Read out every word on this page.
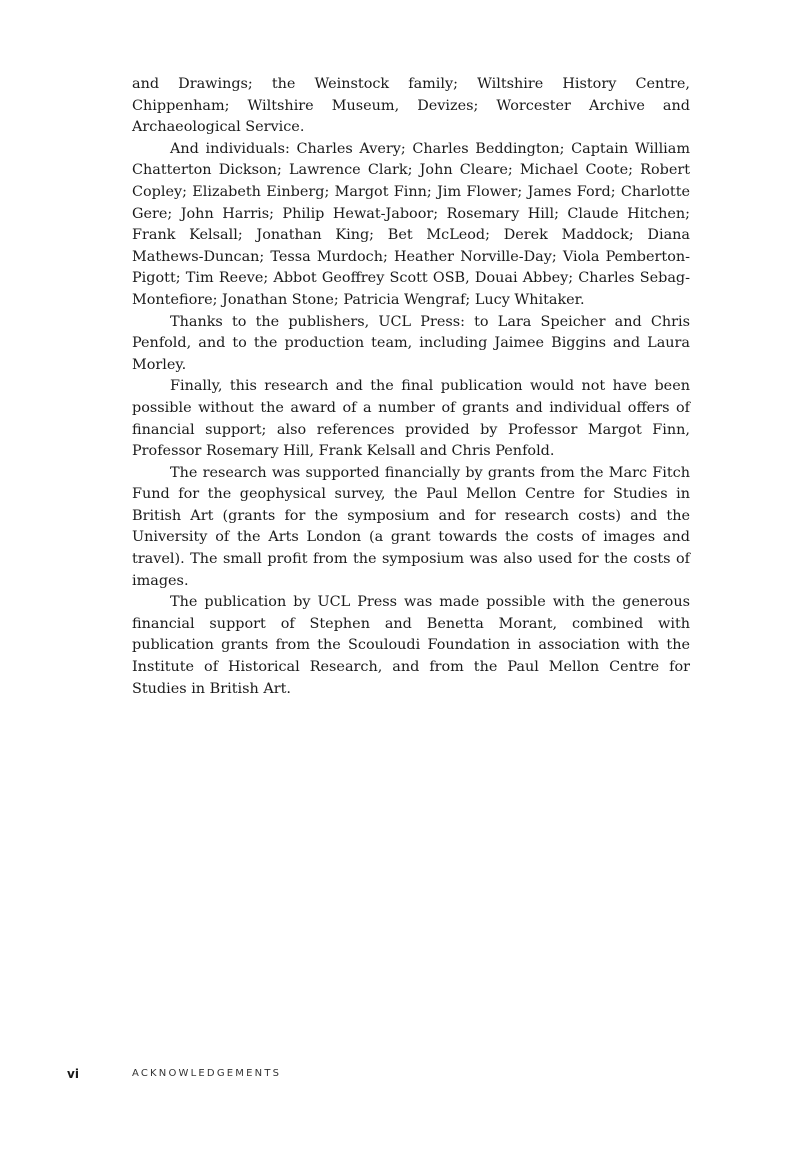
and Drawings; the Weinstock family; Wiltshire History Centre, Chippenham; Wiltshire Museum, Devizes; Worcester Archive and Archaeological Service.

And individuals: Charles Avery; Charles Beddington; Captain William Chatterton Dickson; Lawrence Clark; John Cleare; Michael Coote; Robert Copley; Elizabeth Einberg; Margot Finn; Jim Flower; James Ford; Charlotte Gere; John Harris; Philip Hewat-Jaboor; Rosemary Hill; Claude Hitchen; Frank Kelsall; Jonathan King; Bet McLeod; Derek Maddock; Diana Mathews-Duncan; Tessa Murdoch; Heather Norville-Day; Viola Pemberton-Pigott; Tim Reeve; Abbot Geoffrey Scott OSB, Douai Abbey; Charles Sebag-Montefiore; Jonathan Stone; Patricia Wengraf; Lucy Whitaker.

Thanks to the publishers, UCL Press: to Lara Speicher and Chris Penfold, and to the production team, including Jaimee Biggins and Laura Morley.

Finally, this research and the final publication would not have been possible without the award of a number of grants and individual offers of financial support; also references provided by Professor Margot Finn, Professor Rosemary Hill, Frank Kelsall and Chris Penfold.

The research was supported financially by grants from the Marc Fitch Fund for the geophysical survey, the Paul Mellon Centre for Studies in British Art (grants for the symposium and for research costs) and the University of the Arts London (a grant towards the costs of images and travel). The small profit from the symposium was also used for the costs of images.

The publication by UCL Press was made possible with the generous financial support of Stephen and Benetta Morant, combined with publication grants from the Scouloudi Foundation in association with the Institute of Historical Research, and from the Paul Mellon Centre for Studies in British Art.

vi	ACKNOWLEDGEMENTS
